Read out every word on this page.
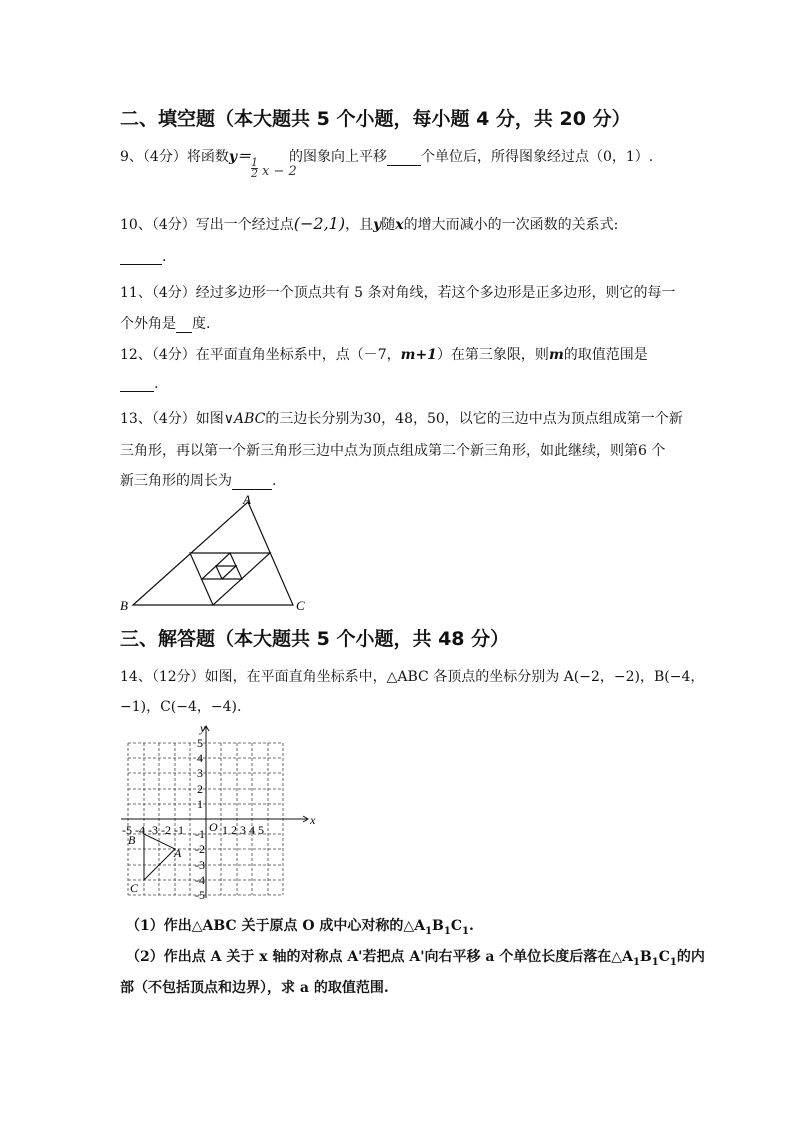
二、填空题（本大题共 5 个小题，每小题 4 分，共 20 分）
9、（4分）将函数y＝	的图象向上平移 个单位后，所得图象经过点（0，1）.
$\frac{1}{2}$ x − 2
10、（4分）写出一个经过点(−2,1)，且y随x的增大而减小的一次函数的关系式:
.
11、（4分）经过多边形一个顶点共有 5 条对角线，若这个多边形是正多边形，则它的每一
个外角是 度.
12、（4分）在平面直角坐标系中，点（－7，m+1）在第三象限，则m的取值范围是
.
13、（4分）如图∨ABC的三边长分别为30，48，50，以它的三边中点为顶点组成第一个新
三角形，再以第一个新三角形三边中点为顶点组成第二个新三角形，如此继续，则第6 个
新三角形的周长为	.
A
B	C
三、解答题（本大题共 5 个小题，共 48 分）
14、（12分）如图，在平面直角坐标系中，△ABC 各顶点的坐标分别为 A(−2，−2)，B(−4，
−1)，C(−4，−4).
x
y
O
5
4
3
2
1
-1
-2
-3
-4
-5
-5 -4 -3 -2 -1	1 2 3 4 5
B
A
C
（1）作出△ABC 关于原点 O 成中心对称的$\triangle A_1B_1C_1$.
（2）作出点 A 关于 x 轴的对称点 A'若把点 A'向右平移 a 个单位长度后落在$\triangle A_1B_1C_1$的内
部（不包括顶点和边界），求 a 的取值范围.
